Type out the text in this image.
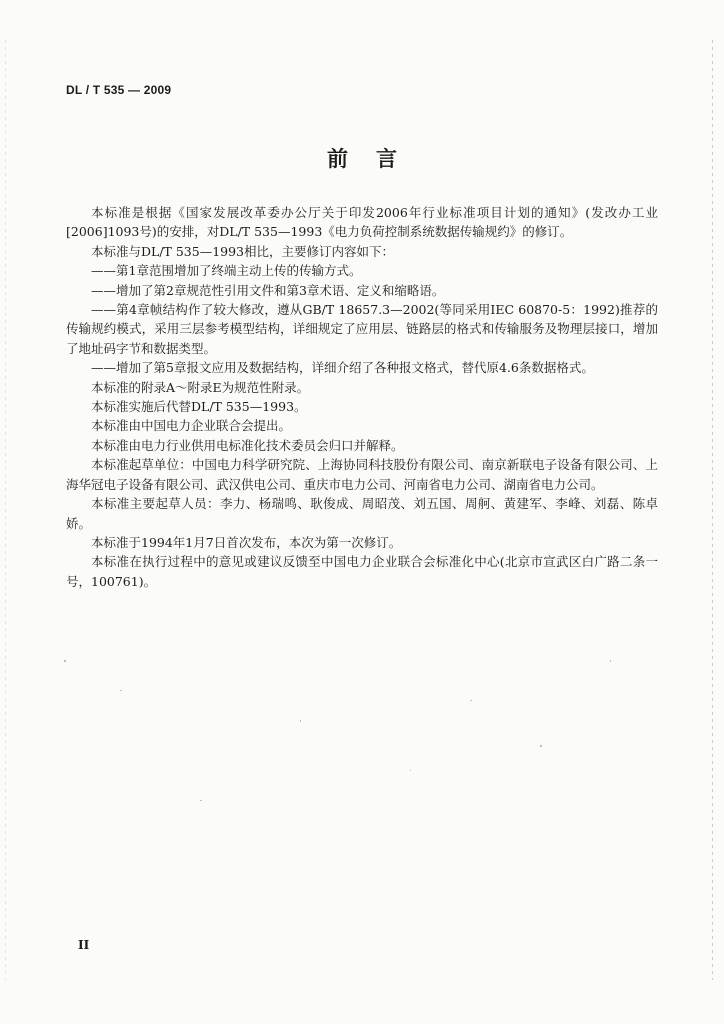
DL / T 535 — 2009
前言

本标准是根据《国家发展改革委办公厅关于印发2006年行业标准项目计划的通知》(发改办工业[2006]1093号)的安排，对DL/T 535—1993《电力负荷控制系统数据传输规约》的修订。

本标准与DL/T 535—1993相比，主要修订内容如下：

——第1章范围增加了终端主动上传的传输方式。

——增加了第2章规范性引用文件和第3章术语、定义和缩略语。

——第4章帧结构作了较大修改，遵从GB/T 18657.3—2002(等同采用IEC 60870-5：1992)推荐的传输规约模式，采用三层参考模型结构，详细规定了应用层、链路层的格式和传输服务及物理层接口，增加了地址码字节和数据类型。

——增加了第5章报文应用及数据结构，详细介绍了各种报文格式，替代原4.6条数据格式。

本标准的附录A～附录E为规范性附录。

本标准实施后代替DL/T 535—1993。

本标准由中国电力企业联合会提出。

本标准由电力行业供用电标准化技术委员会归口并解释。

本标准起草单位：中国电力科学研究院、上海协同科技股份有限公司、南京新联电子设备有限公司、上海华冠电子设备有限公司、武汉供电公司、重庆市电力公司、河南省电力公司、湖南省电力公司。

本标准主要起草人员：李力、杨瑞鸣、耿俊成、周昭茂、刘五国、周舸、黄建军、李峰、刘磊、陈卓娇。

本标准于1994年1月7日首次发布，本次为第一次修订。

本标准在执行过程中的意见或建议反馈至中国电力企业联合会标准化中心(北京市宣武区白广路二条一号，100761)。

II
